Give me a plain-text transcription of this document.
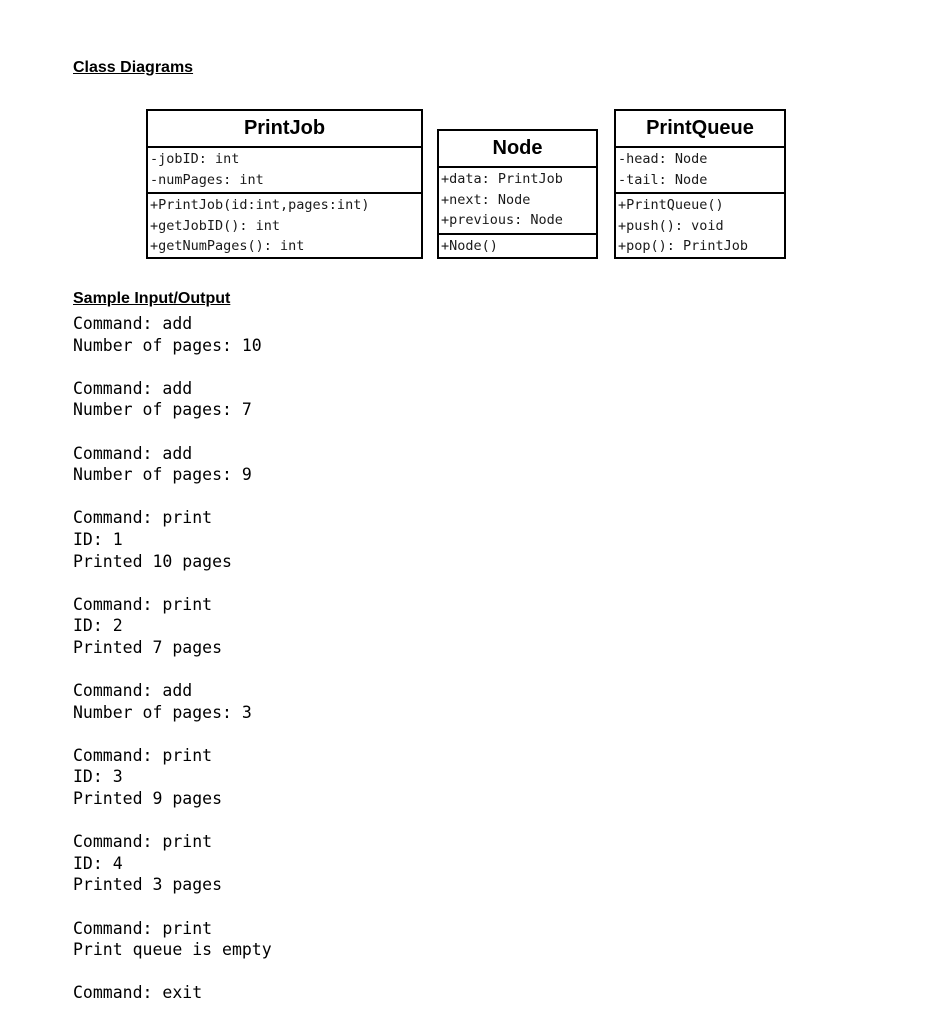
Class Diagrams
PrintJob
-jobID: int
-numPages: int
+PrintJob(id:int,pages:int)
+getJobID(): int
+getNumPages(): int
Node
+data: PrintJob
+next: Node
+previous: Node
+Node()
PrintQueue
-head: Node
-tail: Node
+PrintQueue()
+push(): void
+pop(): PrintJob
Sample Input/Output
Command: add
Number of pages: 10
Command: add
Number of pages: 7
Command: add
Number of pages: 9
Command: print
ID: 1
Printed 10 pages
Command: print
ID: 2
Printed 7 pages
Command: add
Number of pages: 3
Command: print
ID: 3
Printed 9 pages
Command: print
ID: 4
Printed 3 pages
Command: print
Print queue is empty
Command: exit
